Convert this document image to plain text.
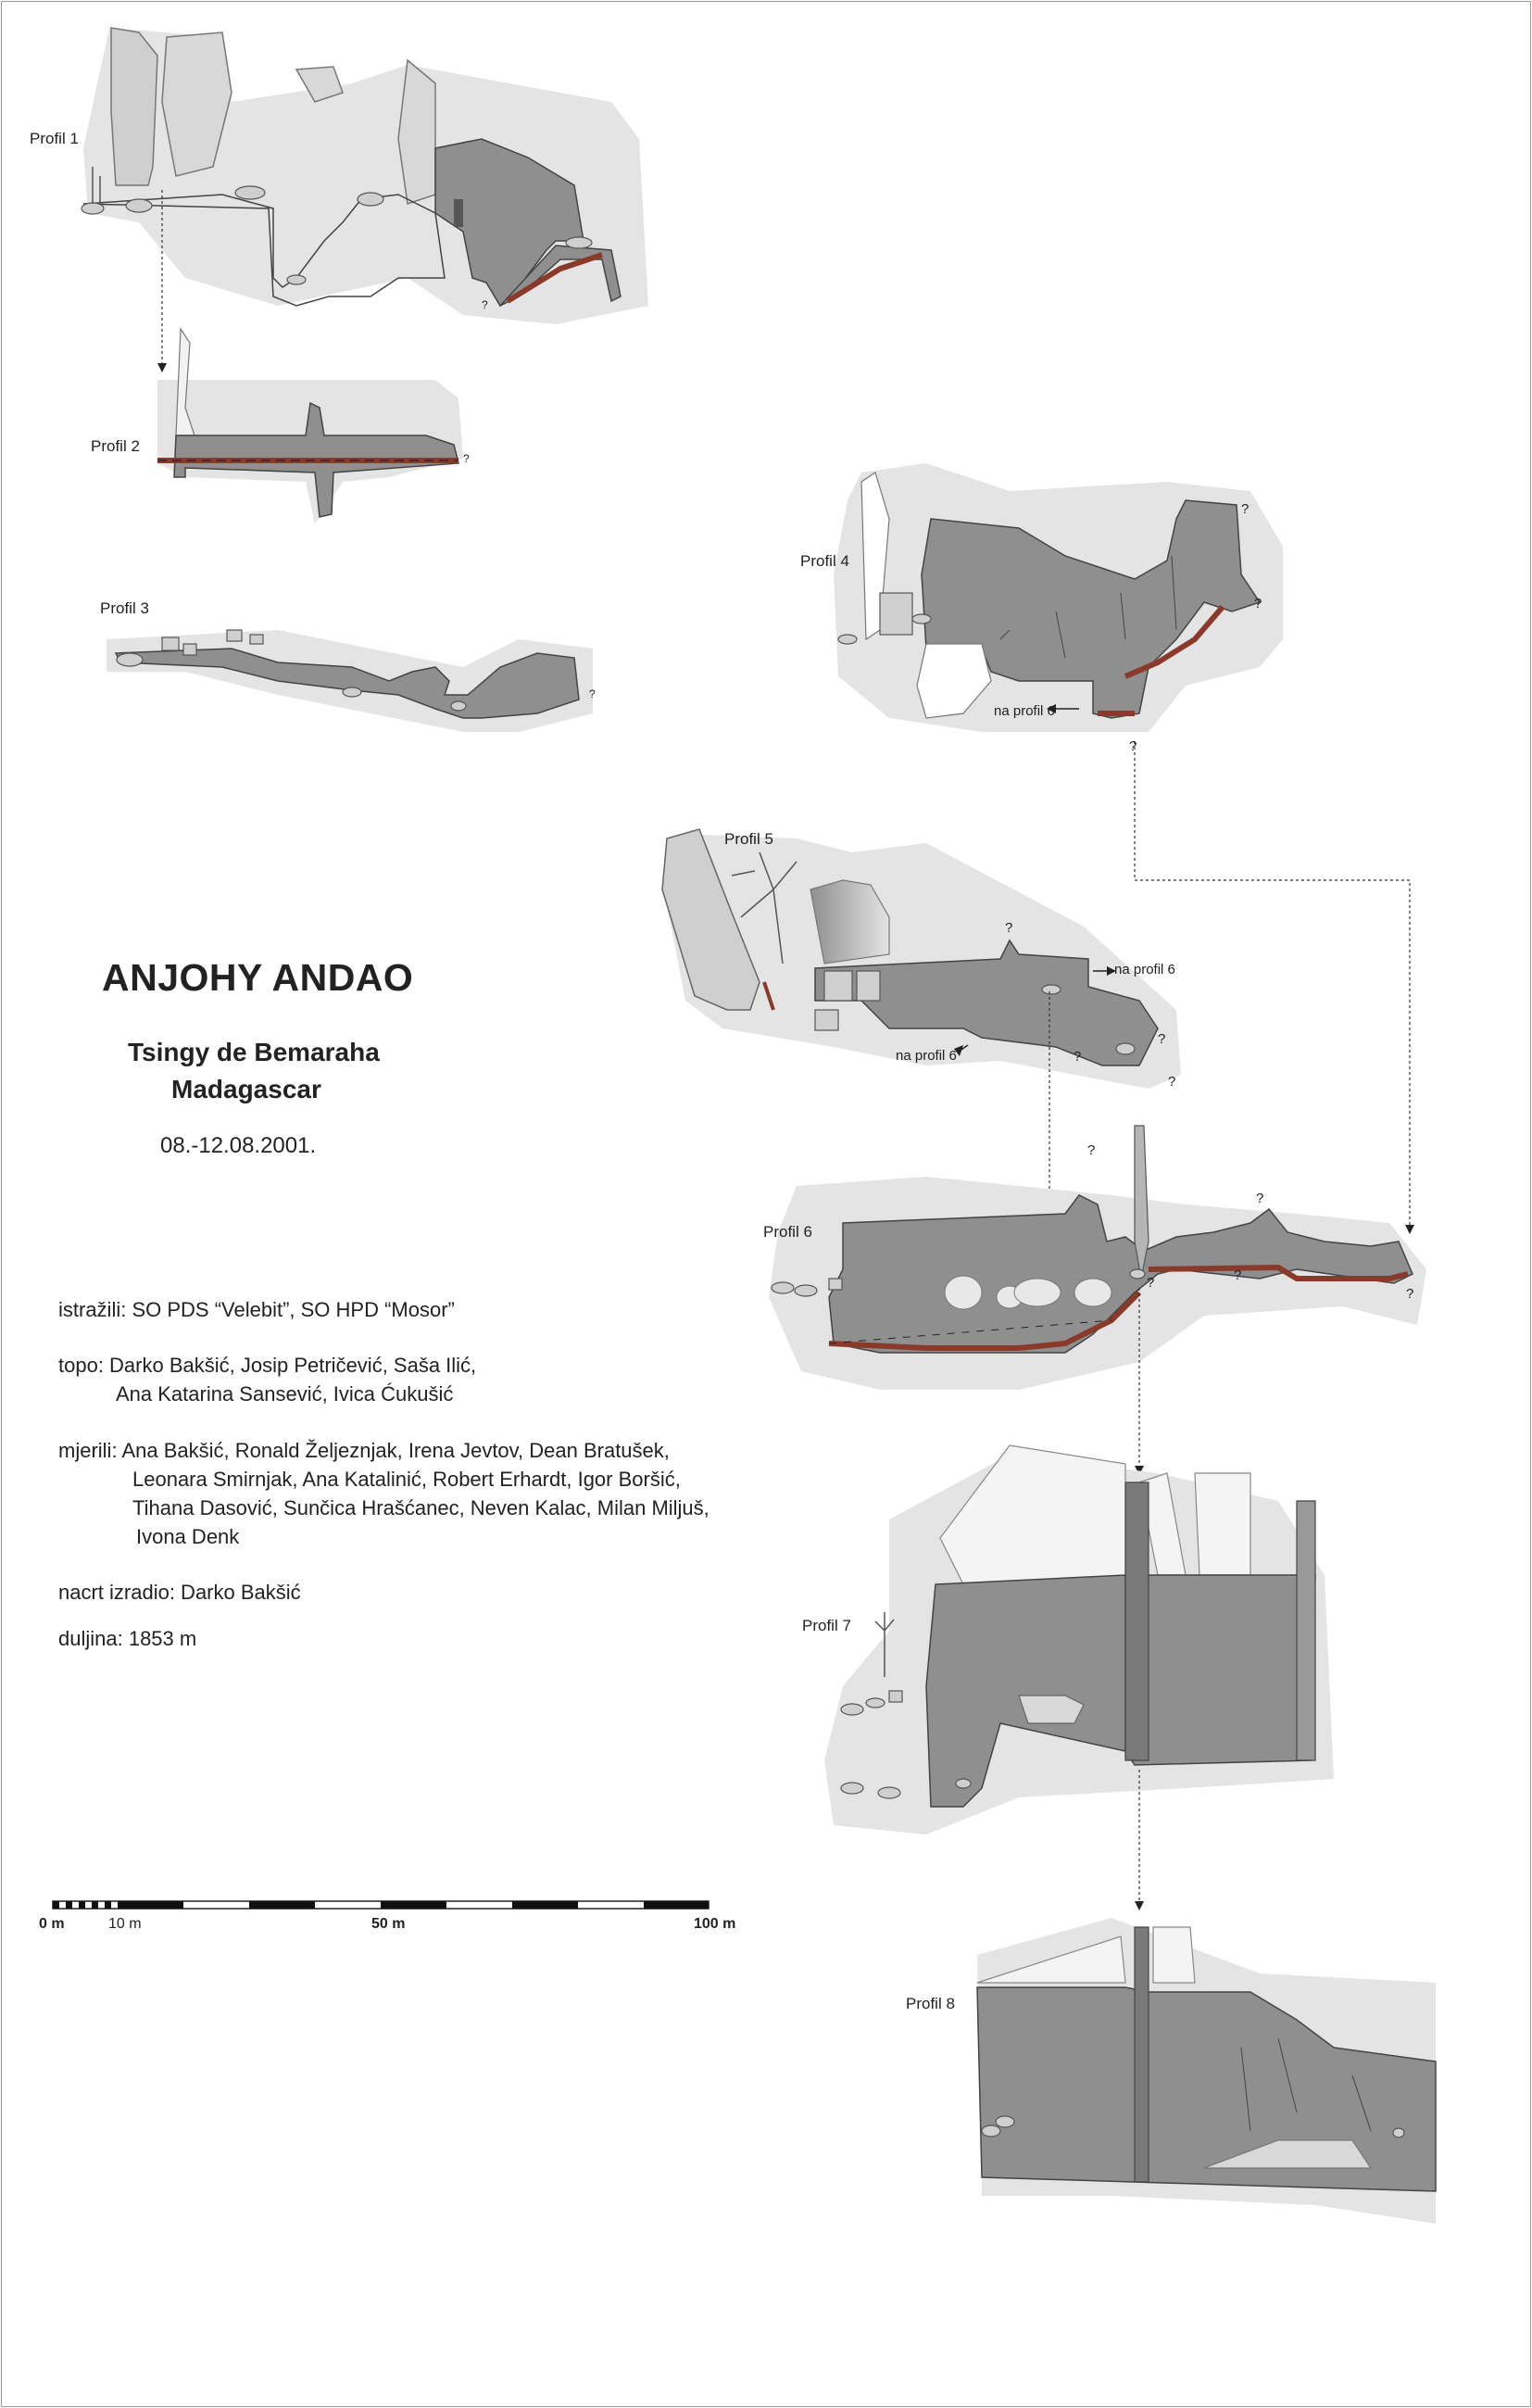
Profil 1
Profil 2
Profil 3
Profil 4
Profil 5
Profil 6
Profil 7
Profil 8
na profil 6
na profil 6
na profil 6
?
?
?
?
?
?
?
?
?
?
?
?
?	?
?
ANJOHY ANDAO
Tsingy de Bemaraha
Madagascar
08.-12.08.2001.
istražili: SO PDS “Velebit”, SO HPD “Mosor”
topo: Darko Bakšić, Josip Petričević, Saša Ilić,
Ana Katarina Sansević, Ivica Ćukušić
mjerili: Ana Bakšić, Ronald Željeznjak, Irena Jevtov, Dean Bratušek,
Leonara Smirnjak, Ana Katalinić, Robert Erhardt, Igor Boršić,
Tihana Dasović, Sunčica Hrašćanec, Neven Kalac, Milan Miljuš,
Ivona Denk
nacrt izradio: Darko Bakšić
duljina: 1853 m
0 m	10 m	50 m	100 m
